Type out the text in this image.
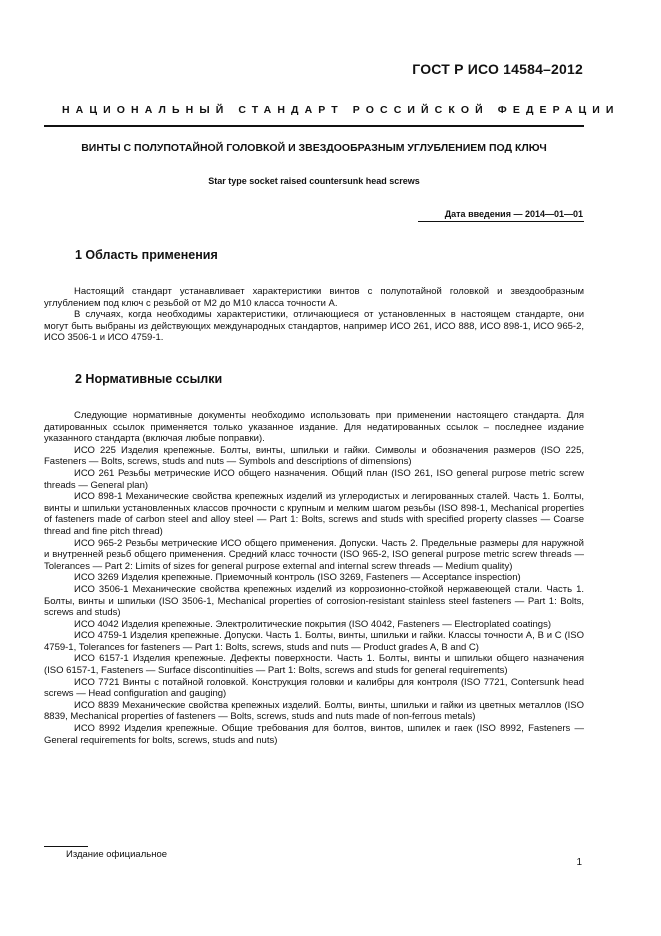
ГОСТ Р ИСО 14584–2012
НАЦИОНАЛЬНЫЙ СТАНДАРТ РОССИЙСКОЙ ФЕДЕРАЦИИ
ВИНТЫ С ПОЛУПОТАЙНОЙ ГОЛОВКОЙ И ЗВЕЗДООБРАЗНЫМ УГЛУБЛЕНИЕМ ПОД КЛЮЧ
Star type socket raised countersunk head screws
Дата введения — 2014—01—01
1 Область применения

Настоящий стандарт устанавливает характеристики винтов с полупотайной головкой и звездообразным углублением под ключ с резьбой от М2 до М10 класса точности А.

В случаях, когда необходимы характеристики, отличающиеся от установленных в настоящем стандарте, они могут быть выбраны из действующих международных стандартов, например ИСО 261, ИСО 888, ИСО 898-1, ИСО 965-2, ИСО 3506-1 и ИСО 4759-1.

2 Нормативные ссылки

Следующие нормативные документы необходимо использовать при применении настоящего стандарта. Для датированных ссылок применяется только указанное издание. Для недатированных ссылок – последнее издание указанного стандарта (включая любые поправки).

ИСО 225 Изделия крепежные. Болты, винты, шпильки и гайки. Символы и обозначения размеров (ISO 225, Fasteners — Bolts, screws, studs and nuts — Symbols and descriptions of dimensions)

ИСО 261 Резьбы метрические ИСО общего назначения. Общий план (ISO 261, ISO general purpose metric screw threads — General plan)

ИСО 898-1 Механические свойства крепежных изделий из углеродистых и легированных сталей. Часть 1. Болты, винты и шпильки установленных классов прочности с крупным и мелким шагом резьбы (ISO 898-1, Mechanical properties of fasteners made of carbon steel and alloy steel — Part 1: Bolts, screws and studs with specified property classes — Coarse thread and fine pitch thread)

ИСО 965-2 Резьбы метрические ИСО общего применения. Допуски. Часть 2. Предельные размеры для наружной и внутренней резьб общего применения. Средний класс точности (ISO 965-2, ISO general purpose metric screw threads — Tolerances — Part 2: Limits of sizes for general purpose external and internal screw threads — Medium quality)

ИСО 3269 Изделия крепежные. Приемочный контроль (ISO 3269, Fasteners — Acceptance inspection)

ИСО 3506-1 Механические свойства крепежных изделий из коррозионно-стойкой нержавеющей стали. Часть 1. Болты, винты и шпильки (ISO 3506-1, Mechanical properties of corrosion-resistant stainless steel fasteners — Part 1: Bolts, screws and studs)

ИСО 4042 Изделия крепежные. Электролитические покрытия (ISO 4042, Fasteners — Electroplated coatings)

ИСО 4759-1 Изделия крепежные. Допуски. Часть 1. Болты, винты, шпильки и гайки. Классы точности A, B и C (ISO 4759-1, Tolerances for fasteners — Part 1: Bolts, screws, studs and nuts — Product grades A, B and C)

ИСО 6157-1 Изделия крепежные. Дефекты поверхности. Часть 1. Болты, винты и шпильки общего назначения (ISO 6157-1, Fasteners — Surface discontinuities — Part 1: Bolts, screws and studs for general requirements)

ИСО 7721 Винты с потайной головкой. Конструкция головки и калибры для контроля (ISO 7721, Contersunk head screws — Head configuration and gauging)

ИСО 8839 Механические свойства крепежных изделий. Болты, винты, шпильки и гайки из цветных металлов (ISO 8839, Mechanical properties of fasteners — Bolts, screws, studs and nuts made of non-ferrous metals)

ИСО 8992 Изделия крепежные. Общие требования для болтов, винтов, шпилек и гаек (ISO 8992, Fasteners — General requirements for bolts, screws, studs and nuts)

Издание официальное
1
